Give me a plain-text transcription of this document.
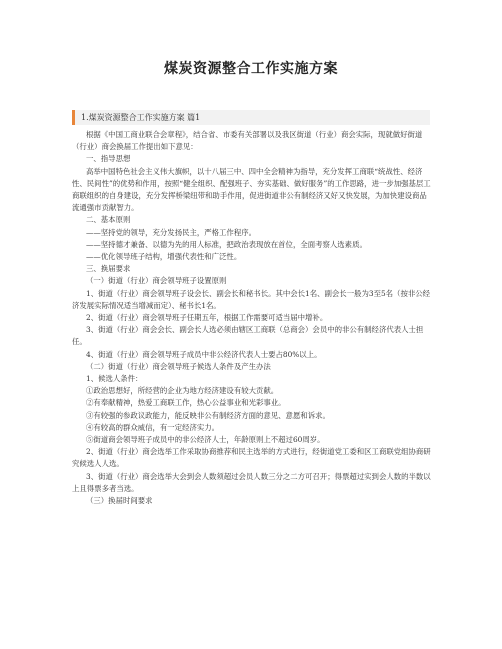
煤炭资源整合工作实施方案
1.煤炭资源整合工作实施方案 篇1

根据《中国工商业联合会章程》，结合省、市委有关部署以及我区街道（行业）商会实际，现就做好街道（行业）商会换届工作提出如下意见：

一、指导思想

高举中国特色社会主义伟大旗帜，以十八届三中、四中全会精神为指导，充分发挥工商联“统战性、经济性、民间性”的优势和作用，按照“健全组织、配强班子、夯实基础、做好服务”的工作思路，进一步加强基层工商联组织的自身建设，充分发挥桥梁纽带和助手作用，促进街道非公有制经济又好又快发展，为加快建设商品流通强市贡献智力。

二、基本原则

——坚持党的领导，充分发扬民主，严格工作程序。

——坚持德才兼备、以德为先的用人标准，把政治表现放在首位，全面考察人选素质。

——优化领导班子结构，增强代表性和广泛性。

三、换届要求

（一）街道（行业）商会领导班子设置原则

1、街道（行业）商会领导班子设会长、副会长和秘书长。其中会长1名、副会长一般为3至5名（按非公经济发展实际情况适当增减而定）、秘书长1名。

2、街道（行业）商会领导班子任期五年，根据工作需要可适当届中增补。

3、街道（行业）商会会长、副会长人选必须由辖区工商联（总商会）会员中的非公有制经济代表人士担任。

4、街道（行业）商会领导班子成员中非公经济代表人士要占80%以上。

（二）街道（行业）商会领导班子候选人条件及产生办法

1、候选人条件：

①政治思想好，所经营的企业为地方经济建设有较大贡献。

②有奉献精神，热爱工商联工作，热心公益事业和光彩事业。

③有较强的参政议政能力，能反映非公有制经济方面的意见、意愿和诉求。

④有较高的群众威信，有一定经济实力。

⑤街道商会领导班子成员中的非公经济人士，年龄原则上不超过60周岁。

2、街道（行业）商会选举工作采取协商推荐和民主选举的方式进行，经街道党工委和区工商联党组协商研究候选人人选。

3、街道（行业）商会选举大会到会人数须超过会员人数三分之二方可召开；得票超过实到会人数的半数以上且得票多者当选。

（三）换届时间要求
